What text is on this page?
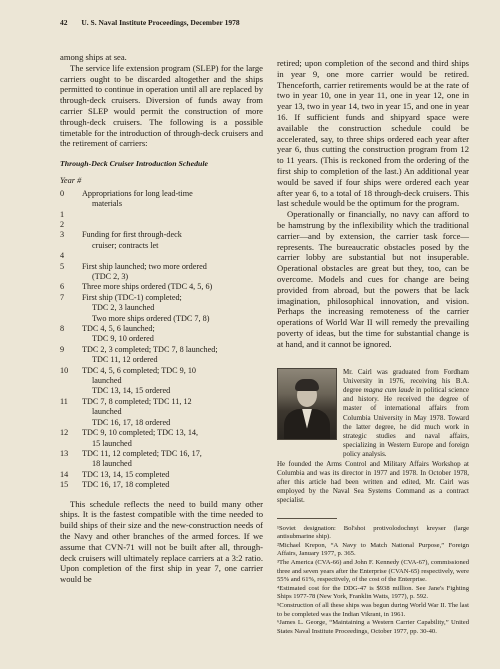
42 U. S. Naval Institute Proceedings, December 1978

among ships at sea.

The service life extension program (SLEP) for the large carriers ought to be discarded altogether and the ships permitted to continue in operation until all are replaced by through-deck cruisers. Diversion of funds away from carrier SLEP would permit the construction of more through-deck cruisers. The following is a possible timetable for the introduction of through-deck cruisers and the retirement of carriers:

Through-Deck Cruiser Introduction Schedule
Year #
0	Appropriations for long lead-time
materials
1

2

3	Funding for first through-deck
cruiser; contracts let
4

5	First ship launched; two more ordered
(TDC 2, 3)
6	Three more ships ordered (TDC 4, 5, 6)
7	First ship (TDC-1) completed;
TDC 2, 3 launched
Two more ships ordered (TDC 7, 8)
8	TDC 4, 5, 6 launched;
TDC 9, 10 ordered
9	TDC 2, 3 completed; TDC 7, 8 launched;
TDC 11, 12 ordered
10	TDC 4, 5, 6 completed; TDC 9, 10
launched
TDC 13, 14, 15 ordered
11	TDC 7, 8 completed; TDC 11, 12
launched
TDC 16, 17, 18 ordered
12	TDC 9, 10 completed; TDC 13, 14,
15 launched
13	TDC 11, 12 completed; TDC 16, 17,
18 launched
14	TDC 13, 14, 15 completed
15	TDC 16, 17, 18 completed

This schedule reflects the need to build many other ships. It is the fastest compatible with the time needed to build ships of their size and the new-construction needs of the Navy and other branches of the armed forces. If we assume that CVN-71 will not be built after all, through-deck cruisers will ultimately replace carriers at a 3:2 ratio. Upon completion of the first ship in year 7, one carrier would be

retired; upon completion of the second and third ships in year 9, one more carrier would be retired. Thenceforth, carrier retirements would be at the rate of two in year 10, one in year 11, one in year 12, one in year 13, two in year 14, two in year 15, and one in year 16. If sufficient funds and shipyard space were available the construction schedule could be accelerated, say, to three ships ordered each year after year 6, thus cutting the construction program from 12 to 11 years. (This is reckoned from the ordering of the first ship to completion of the last.) An additional year would be saved if four ships were ordered each year after year 6, to a total of 18 through-deck cruisers. This last schedule would be the optimum for the program.

Operationally or financially, no navy can afford to be hamstrung by the inflexibility which the traditional carrier—and by extension, the carrier task force—represents. The bureaucratic obstacles posed by the carrier lobby are substantial but not insuperable. Operational obstacles are great but they, too, can be overcome. Models and cues for change are being provided from abroad, but the powers that be lack imagination, philosophical innovation, and vision. Perhaps the increasing remoteness of the carrier operations of World War II will remedy the prevailing poverty of ideas, but the time for substantial change is at hand, and it cannot be ignored.

Mr. Cairl was graduated from Fordham University in 1976, receiving his B.A. degree magna cum laude in political science and history. He received the degree of master of international affairs from Columbia University in May 1978. Toward the latter degree, he did much work in strategic studies and naval affairs, specializing in Western Europe and foreign policy analysis.
He founded the Arms Control and Military Affairs Workshop at Columbia and was its director in 1977 and 1978. In October 1978, after this article had been written and edited, Mr. Cairl was employed by the Naval Sea Systems Command as a contract specialist.

¹Soviet designation: Bol'shoi protivolodochnyi kreyser (large antisubmarine ship).

²Michael Krepon, “A Navy to Match National Purpose,” Foreign Affairs, January 1977, p. 365.

³The America (CVA-66) and John F. Kennedy (CVA-67), commissioned three and seven years after the Enterprise (CVAN-65) respectively, were 55% and 61%, respectively, of the cost of the Enterprise.

⁴Estimated cost for the DDG-47 is $938 million. See Jane's Fighting Ships 1977-78 (New York, Franklin Watts, 1977), p. 592.

⁵Construction of all these ships was begun during World War II. The last to be completed was the Indian Vikrant, in 1961.

⁶James L. George, “Maintaining a Western Carrier Capability,” United States Naval Institute Proceedings, October 1977, pp. 30-40.
